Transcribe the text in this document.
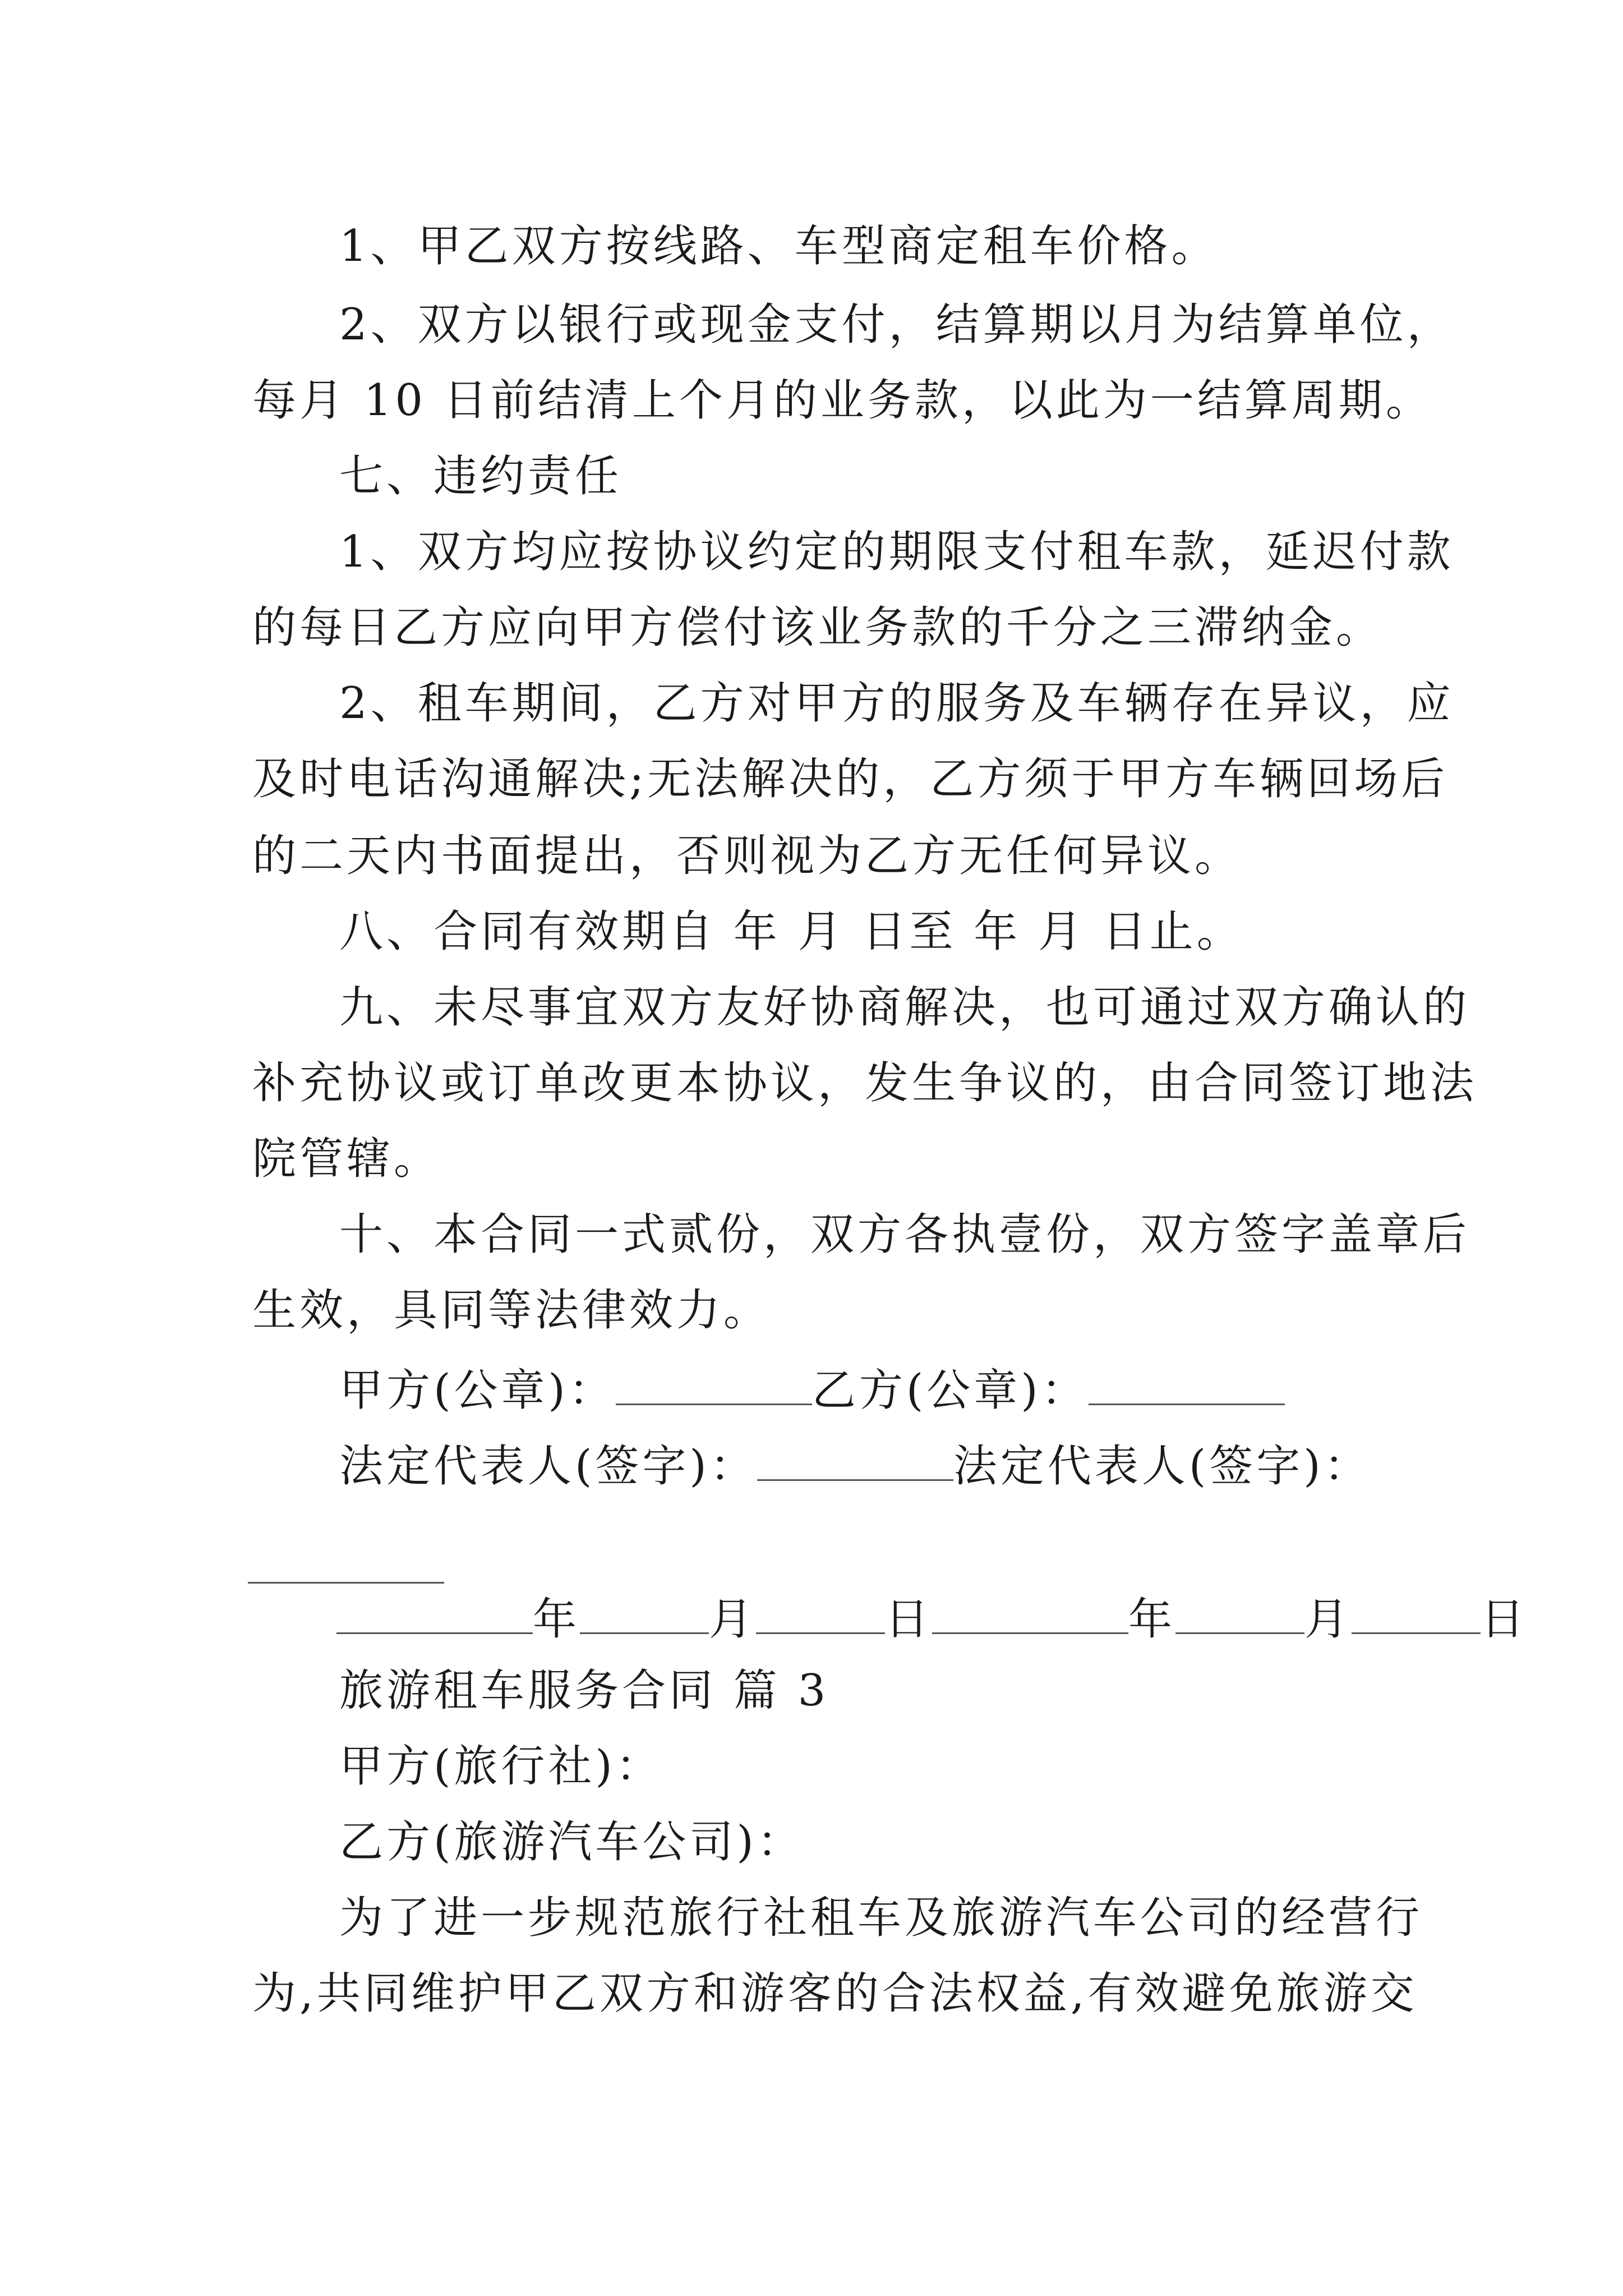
1、甲乙双方按线路、车型商定租车价格。
2、双方以银行或现金支付，结算期以月为结算单位，
每月 10 日前结清上个月的业务款，以此为一结算周期。
七、违约责任
1、双方均应按协议约定的期限支付租车款，延迟付款
的每日乙方应向甲方偿付该业务款的千分之三滞纳金。
2、租车期间，乙方对甲方的服务及车辆存在异议，应
及时电话沟通解决;无法解决的，乙方须于甲方车辆回场后
的二天内书面提出，否则视为乙方无任何异议。
八、合同有效期自 年 月 日至 年 月 日止。
九、未尽事宜双方友好协商解决，也可通过双方确认的
补充协议或订单改更本协议，发生争议的，由合同签订地法
院管辖。
十、本合同一式贰份，双方各执壹份，双方签字盖章后
生效，具同等法律效力。
甲方(公章)：	乙方(公章)：
法定代表人(签字)：	法定代表人(签字)：
年	月	日	年	月	日
旅游租车服务合同 篇 3
甲方(旅行社)：
乙方(旅游汽车公司)：
为了进一步规范旅行社租车及旅游汽车公司的经营行
为,共同维护甲乙双方和游客的合法权益,有效避免旅游交
